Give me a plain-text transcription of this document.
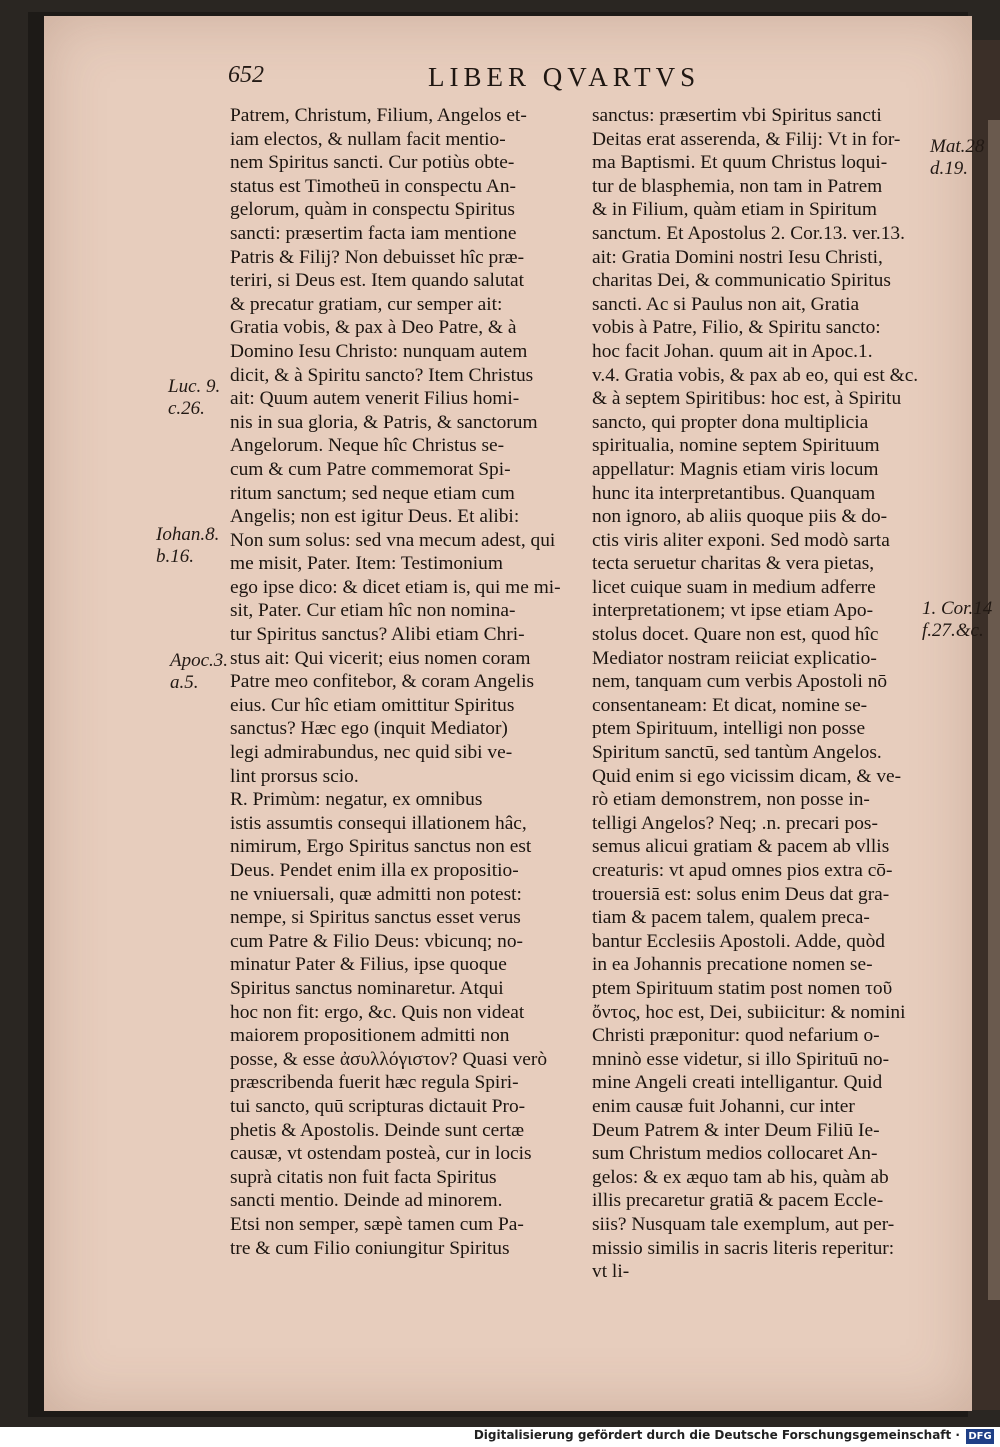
652	LIBER QVARTVS
Luc. 9.
c.26.
Iohan.8.
b.16.
Apoc.3.
a.5.
Mat.28
d.19.
1. Cor.14
f.27.&c.
Patrem, Christum, Filium, Angelos et-
iam electos, & nullam facit mentio-
nem Spiritus sancti. Cur potiùs obte-
status est Timotheū in conspectu An-
gelorum, quàm in conspectu Spiritus
sancti: præsertim facta iam mentione
Patris & Filij? Non debuisset hîc præ-
teriri, si Deus est. Item quando salutat
& precatur gratiam, cur semper ait:
Gratia vobis, & pax à Deo Patre, & à
Domino Iesu Christo: nunquam autem
dicit, & à Spiritu sancto? Item Christus
ait: Quum autem venerit Filius homi-
nis in sua gloria, & Patris, & sanctorum
Angelorum. Neque hîc Christus se-
cum & cum Patre commemorat Spi-
ritum sanctum; sed neque etiam cum
Angelis; non est igitur Deus. Et alibi:
Non sum solus: sed vna mecum adest, qui
me misit, Pater. Item: Testimonium
ego ipse dico: & dicet etiam is, qui me mi-
sit, Pater. Cur etiam hîc non nomina-
tur Spiritus sanctus? Alibi etiam Chri-
stus ait: Qui vicerit; eius nomen coram
Patre meo confitebor, & coram Angelis
eius. Cur hîc etiam omittitur Spiritus
sanctus? Hæc ego (inquit Mediator)
legi admirabundus, nec quid sibi ve-
lint prorsus scio.
R. Primùm: negatur, ex omnibus
istis assumtis consequi illationem hâc,
nimirum, Ergo Spiritus sanctus non est
Deus. Pendet enim illa ex propositio-
ne vniuersali, quæ admitti non potest:
nempe, si Spiritus sanctus esset verus
cum Patre & Filio Deus: vbicunq; no-
minatur Pater & Filius, ipse quoque
Spiritus sanctus nominaretur. Atqui
hoc non fit: ergo, &c. Quis non videat
maiorem propositionem admitti non
posse, & esse ἀσυλλόγιστον? Quasi verò
præscribenda fuerit hæc regula Spiri-
tui sancto, quū scripturas dictauit Pro-
phetis & Apostolis. Deinde sunt certæ
causæ, vt ostendam posteà, cur in locis
suprà citatis non fuit facta Spiritus
sancti mentio. Deinde ad minorem.
Etsi non semper, sæpè tamen cum Pa-
tre & cum Filio coniungitur Spiritus
sanctus: præsertim vbi Spiritus sancti
Deitas erat asserenda, & Filij: Vt in for-
ma Baptismi. Et quum Christus loqui-
tur de blasphemia, non tam in Patrem
& in Filium, quàm etiam in Spiritum
sanctum. Et Apostolus 2. Cor.13. ver.13.
ait: Gratia Domini nostri Iesu Christi,
charitas Dei, & communicatio Spiritus
sancti. Ac si Paulus non ait, Gratia
vobis à Patre, Filio, & Spiritu sancto:
hoc facit Johan. quum ait in Apoc.1.
v.4. Gratia vobis, & pax ab eo, qui est &c.
& à septem Spiritibus: hoc est, à Spiritu
sancto, qui propter dona multiplicia
spiritualia, nomine septem Spirituum
appellatur: Magnis etiam viris locum
hunc ita interpretantibus. Quanquam
non ignoro, ab aliis quoque piis & do-
ctis viris aliter exponi. Sed modò sarta
tecta seruetur charitas & vera pietas,
licet cuique suam in medium adferre
interpretationem; vt ipse etiam Apo-
stolus docet. Quare non est, quod hîc
Mediator nostram reiiciat explicatio-
nem, tanquam cum verbis Apostoli nō
consentaneam: Et dicat, nomine se-
ptem Spirituum, intelligi non posse
Spiritum sanctū, sed tantùm Angelos.
Quid enim si ego vicissim dicam, & ve-
rò etiam demonstrem, non posse in-
telligi Angelos? Neq; .n. precari pos-
semus alicui gratiam & pacem ab vllis
creaturis: vt apud omnes pios extra cō-
trouersiā est: solus enim Deus dat gra-
tiam & pacem talem, qualem preca-
bantur Ecclesiis Apostoli. Adde, quòd
in ea Johannis precatione nomen se-
ptem Spirituum statim post nomen τοῦ
ὄντος, hoc est, Dei, subiicitur: & nomini
Christi præponitur: quod nefarium o-
mninò esse videtur, si illo Spirituū no-
mine Angeli creati intelligantur. Quid
enim causæ fuit Johanni, cur inter
Deum Patrem & inter Deum Filiū Ie-
sum Christum medios collocaret An-
gelos: & ex æquo tam ab his, quàm ab
illis precaretur gratiā & pacem Eccle-
siis? Nusquam tale exemplum, aut per-
missio similis in sacris literis reperitur:
vt li-
Digitalisierung gefördert durch die Deutsche Forschungsgemeinschaft · DFG
